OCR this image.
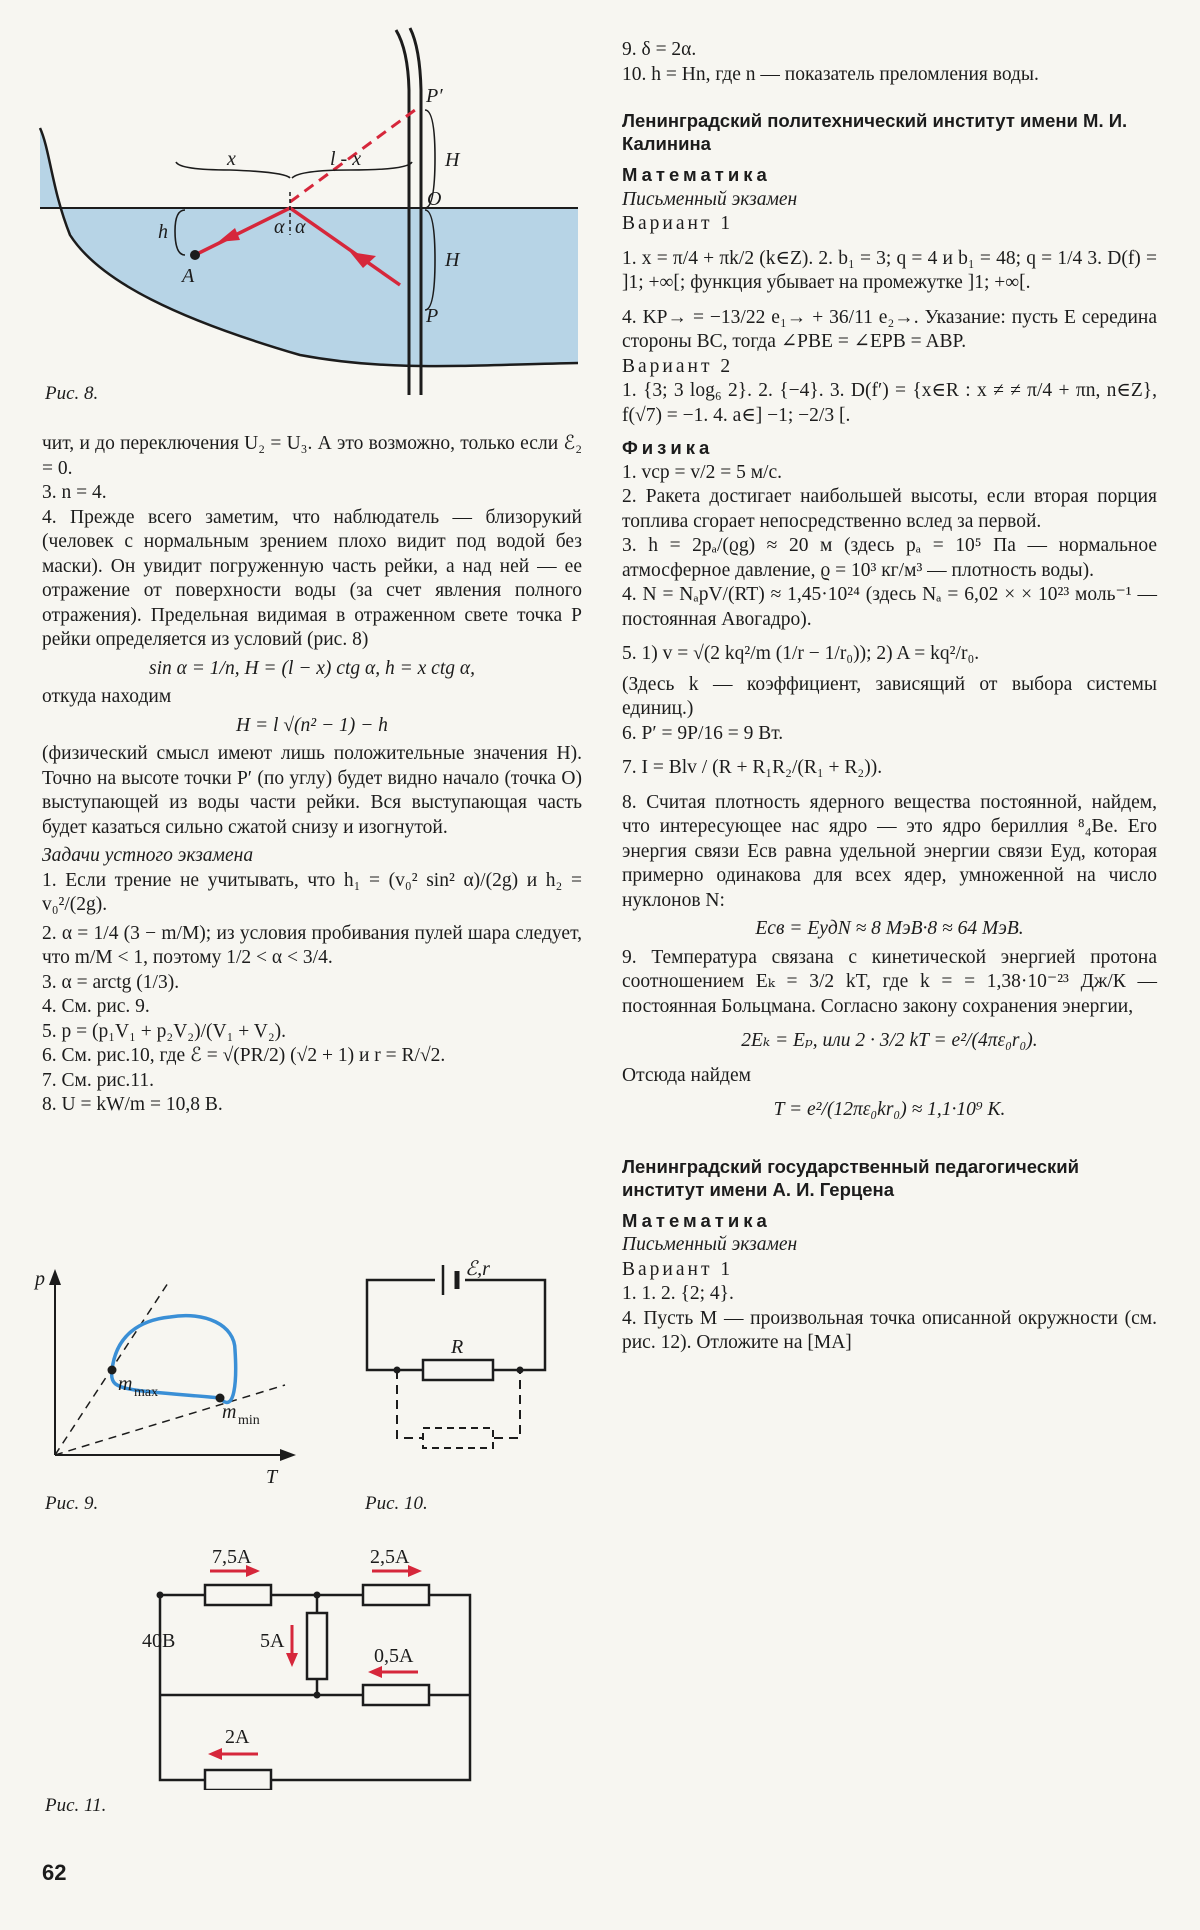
x	l - x
h	α α
A
O
P
P′
H
H
Рис. 8.

чит, и до переключения U₂ = U₃. А это возможно, только если ℰ₂ = 0.

3. n = 4.

4. Прежде всего заметим, что наблюдатель — близорукий (человек с нормальным зрением плохо видит под водой без маски). Он увидит погруженную часть рейки, а над ней — ее отражение от поверхности воды (за счет явления полного отражения). Предельная видимая в отраженном свете точка P рейки определяется из условий (рис. 8)

sin α = 1/n, H = (l − x) ctg α, h = x ctg α,

откуда находим

H = l √(n² − 1) − h

(физический смысл имеют лишь положительные значения H). Точно на высоте точки P′ (по углу) будет видно начало (точка O) выступающей из воды части рейки. Вся выступающая часть будет казаться сильно сжатой снизу и изогнутой.

Задачи устного экзамена

1. Если трение не учитывать, что h₁ = (v₀² sin² α)/(2g) и h₂ = v₀²/(2g).

2. α = 1/4 (3 − m/M); из условия пробивания пулей шара следует, что m/M < 1, поэтому 1/2 < α < 3/4.

3. α = arctg (1/3).

4. См. рис. 9.

5. p = (p₁V₁ + p₂V₂)/(V₁ + V₂).

6. См. рис.10, где ℰ = √(PR/2) (√2 + 1) и r = R/√2.

7. См. рис.11.

8. U = kW/m = 10,8 В.

p
T
m max
m min
Рис. 9.
ℰ,r
R
Рис. 10.
7,5A	2,5A
5A
0,5A
2A
40B
Рис. 11.

9. δ = 2α.

10. h = Hn, где n — показатель преломления воды.

Ленинградский политехнический институт имени М. И. Калинина

Математика

Письменный экзамен

Вариант 1

1. x = π/4 + πk/2 (k∈Z). 2. b₁ = 3; q = 4 и b₁ = 48; q = 1/4 3. D(f) = ]1; +∞[; функция убывает на промежутке ]1; +∞[.

4. KP→ = −13/22 e₁→ + 36/11 e₂→. Указание: пусть E середина стороны BC, тогда ∠PBE = ∠EPB = ABP.

Вариант 2

1. {3; 3 log₆ 2}. 2. {−4}. 3. D(f′) = {x∈R : x ≠ ≠ π/4 + πn, n∈Z}, f(√7) = −1. 4. a∈] −1; −2/3 [.

Физика

1. vср = v/2 = 5 м/с.

2. Ракета достигает наибольшей высоты, если вторая порция топлива сгорает непосредственно вслед за первой.

3. h = 2pₐ/(ϱg) ≈ 20 м (здесь pₐ = 10⁵ Па — нормальное атмосферное давление, ϱ = 10³ кг/м³ — плотность воды).

4. N = NₐpV/(RT) ≈ 1,45·10²⁴ (здесь Nₐ = 6,02 × × 10²³ моль⁻¹ — постоянная Авогадро).

5. 1) v = √(2 kq²/m (1/r − 1/r₀)); 2) A = kq²/r₀.

(Здесь k — коэффициент, зависящий от выбора системы единиц.)

6. P′ = 9P/16 = 9 Вт.

7. I = Blv / (R + R₁R₂/(R₁ + R₂)).

8. Считая плотность ядерного вещества постоянной, найдем, что интересующее нас ядро — это ядро бериллия ⁸₄Be. Его энергия связи Eсв равна удельной энергии связи Eуд, которая примерно одинакова для всех ядер, умноженной на число нуклонов N:

Eсв = EудN ≈ 8 МэВ·8 ≈ 64 МэВ.

9. Температура связана с кинетической энергией протона соотношением Eₖ = 3/2 kT, где k = = 1,38·10⁻²³ Дж/К — постоянная Больцмана. Согласно закону сохранения энергии,

2Eₖ = Eₚ, или 2 · 3/2 kT = e²/(4πε₀r₀).

Отсюда найдем

T = e²/(12πε₀kr₀) ≈ 1,1·10⁹ К.

Ленинградский государственный педагогический институт имени А. И. Герцена

Математика

Письменный экзамен

Вариант 1

1. 1. 2. {2; 4}.

4. Пусть M — произвольная точка описанной окружности (см. рис. 12). Отложите на [MA]

62
